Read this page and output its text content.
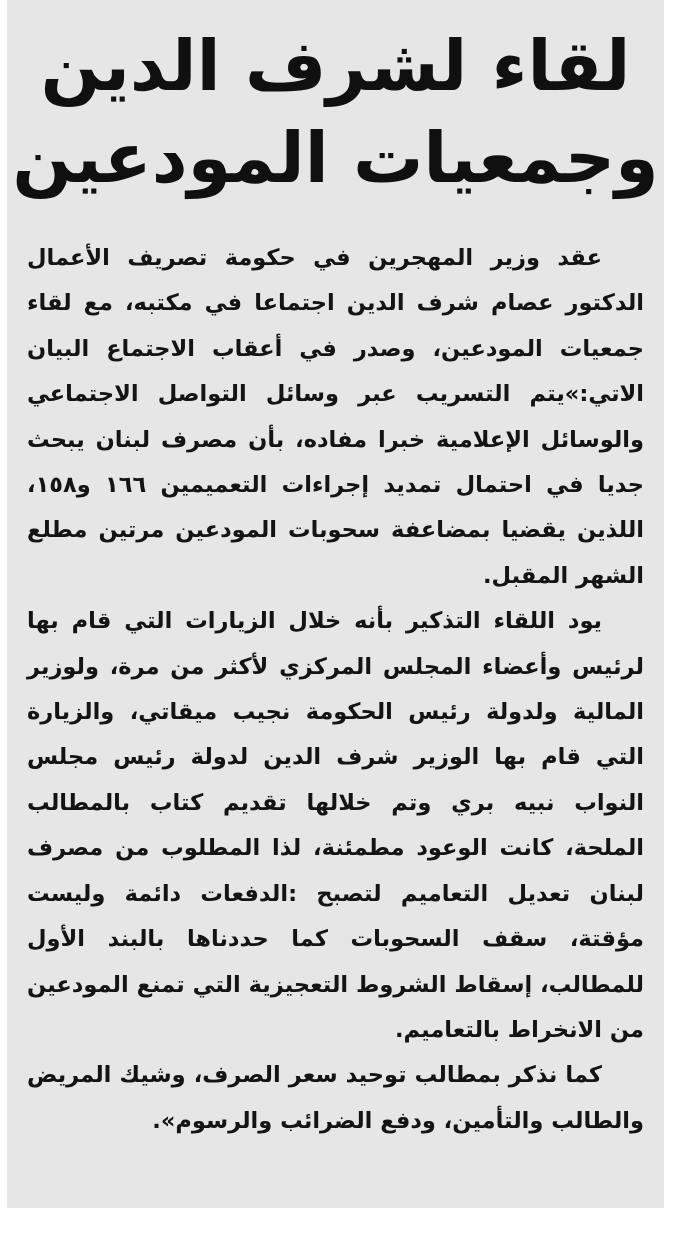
لقاء لشرف الدين
وجمعيات المودعين

عقد وزير المهجرين في حكومة تصريف الأعمال الدكتور عصام شرف الدين اجتماعا في مكتبه، مع لقاء جمعيات المودعين، وصدر في أعقاب الاجتماع البيان الاتي:»يتم التسريب عبر وسائل التواصل الاجتماعي والوسائل الإعلامية خبرا مفاده، بأن مصرف لبنان يبحث جديا في احتمال تمديد إجراءات التعميمين ١٦٦ و١٥٨، اللذين يقضيا بمضاعفة سحوبات المودعين مرتين مطلع الشهر المقبل.

يود اللقاء التذكير بأنه خلال الزيارات التي قام بها لرئيس وأعضاء المجلس المركزي لأكثر من مرة، ولوزير المالية ولدولة رئيس الحكومة نجيب ميقاتي، والزيارة التي قام بها الوزير شرف الدين لدولة رئيس مجلس النواب نبيه بري وتم خلالها تقديم كتاب بالمطالب الملحة، كانت الوعود مطمئنة، لذا المطلوب من مصرف لبنان تعديل التعاميم لتصبح :الدفعات دائمة وليست مؤقتة، سقف السحوبات كما حددناها بالبند الأول للمطالب، إسقاط الشروط التعجيزية التي تمنع المودعين من الانخراط بالتعاميم.

كما نذكر بمطالب توحيد سعر الصرف، وشيك المريض والطالب والتأمين، ودفع الضرائب والرسوم».
